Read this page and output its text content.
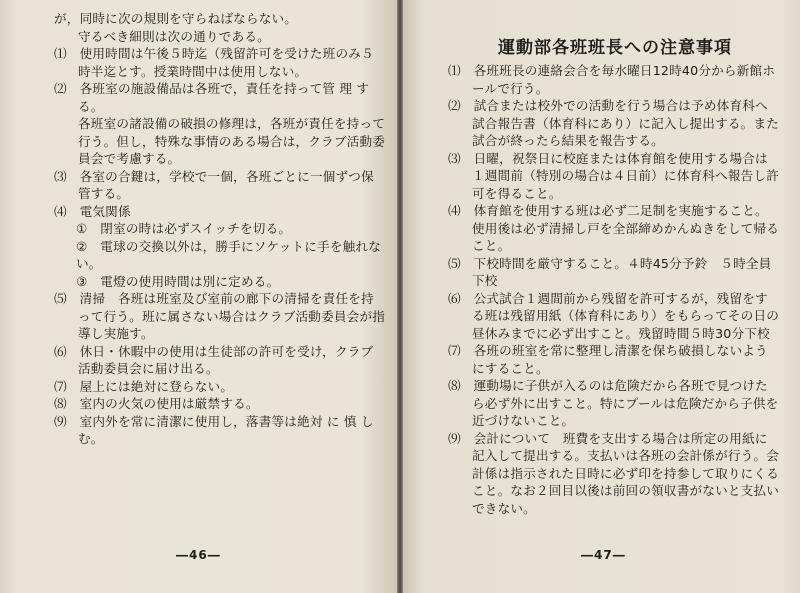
が，同時に次の規則を守らねばならない。
守るべき細則は次の通りである。
⑴　使用時間は午後５時迄（残留許可を受けた班のみ５
時半迄とす。授業時間中は使用しない。
⑵　各班室の施設備品は各班で，責任を持って管 理 す
る。
各班室の諸設備の破損の修理は，各班が責任を持って
行う。但し，特殊な事情のある場合は，クラブ活動委
員会で考慮する。
⑶　各室の合鍵は，学校で一個，各班ごとに一個ずつ保
管する。
⑷　電気関係
①　閉室の時は必ずスイッチを切る。
②　電球の交換以外は，勝手にソケットに手を触れな
い。
③　電燈の使用時間は別に定める。
⑸　清掃　各班は班室及び室前の廊下の清掃を責任を持
って行う。班に属さない場合はクラブ活動委員会が指
導し実施す。
⑹　休日・休暇中の使用は生徒部の許可を受け，クラブ
活動委員会に届け出る。
⑺　屋上には絶対に登らない。
⑻　室内の火気の使用は厳禁する。
⑼　室内外を常に清潔に使用し，落書等は絶対 に 慎 し
む。
―46―
運動部各班班長への注意事項
⑴　各班班長の連絡会合を毎水曜日12時40分から新館ホ
ールで行う。
⑵　試合または校外での活動を行う場合は予め体育科へ
試合報告書（体育科にあり）に記入し提出する。また
試合が終ったら結果を報告する。
⑶　日曜，祝祭日に校庭または体育館を使用する場合は
１週間前（特別の場合は４日前）に体育科へ報告し許
可を得ること。
⑷　体育館を使用する班は必ず二足制を実施すること。
使用後は必ず清掃し戸を全部締めかんぬきをして帰る
こと。
⑸　下校時間を厳守すること。４時45分予鈴　５時全員
下校
⑹　公式試合１週間前から残留を許可するが，残留をす
る班は残留用紙（体育科にあり）をもらってその日の
昼休みまでに必ず出すこと。残留時間５時30分下校
⑺　各班の班室を常に整理し清潔を保ち破損しないよう
にすること。
⑻　運動場に子供が入るのは危険だから各班で見つけた
ら必ず外に出すこと。特にプールは危険だから子供を
近づけないこと。
⑼　会計について　班費を支出する場合は所定の用紙に
記入して提出する。支払いは各班の会計係が行う。会
計係は指示された日時に必ず印を持参して取りにくる
こと。なお２回目以後は前回の領収書がないと支払い
できない。
―47―
